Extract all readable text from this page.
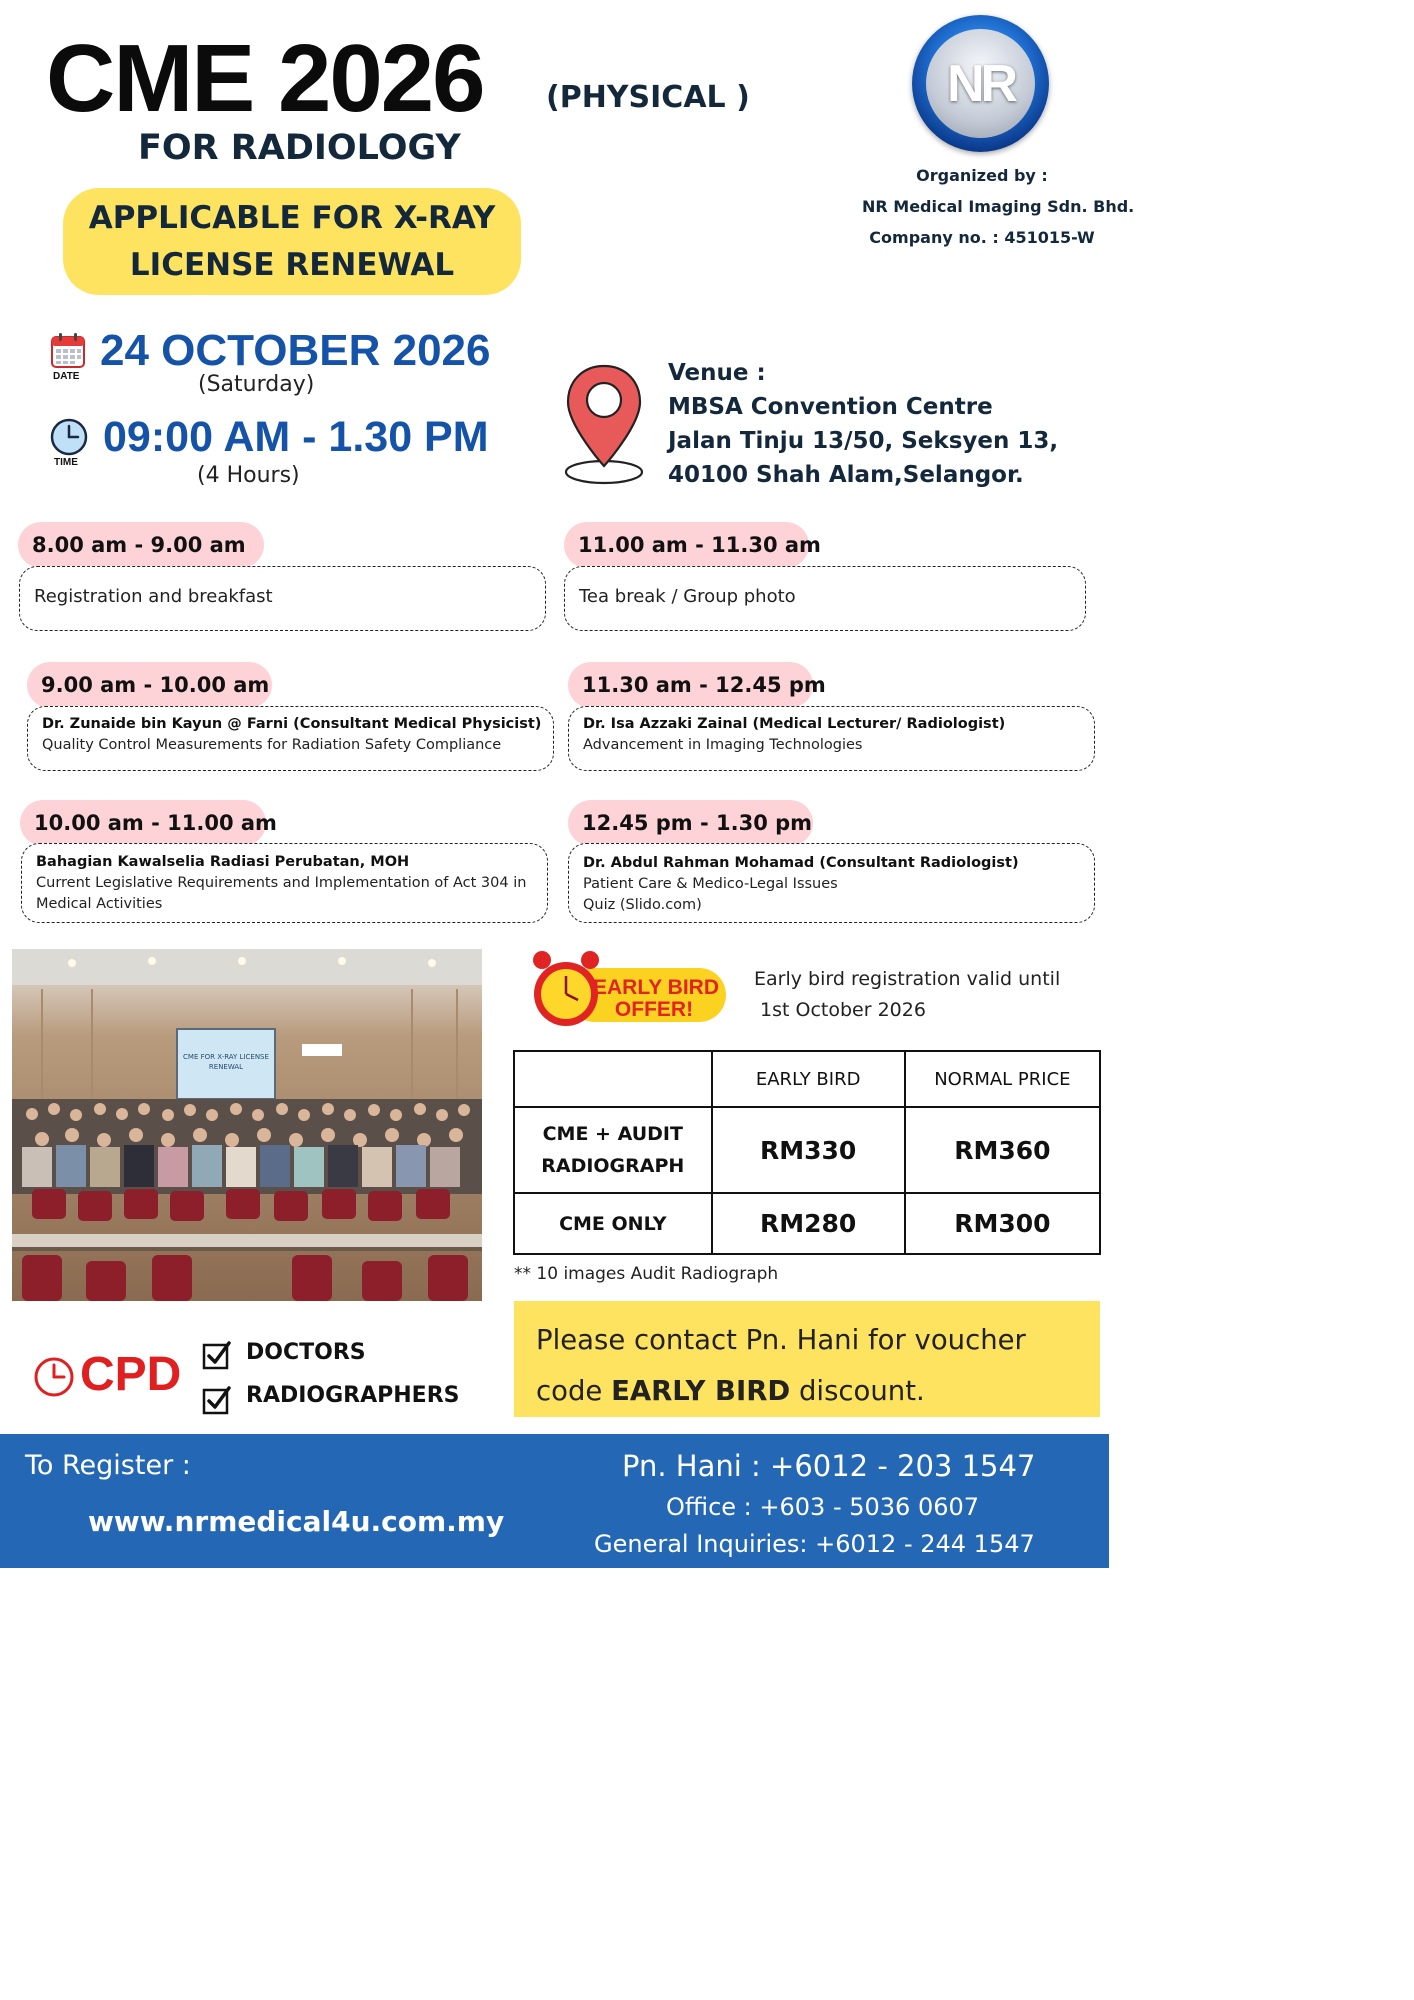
CME 2026 (PHYSICAL )
FOR RADIOLOGY
APPLICABLE FOR X-RAY LICENSE RENEWAL
NR
Organized by :
NR Medical Imaging Sdn. Bhd.
Company no. : 451015-W
DATE
24 OCTOBER 2026
(Saturday)
TIME
09:00 AM - 1.30 PM
(4 Hours)
Venue :
MBSA Convention Centre
Jalan Tinju 13/50, Seksyen 13,
40100 Shah Alam,Selangor.
8.00 am - 9.00 am
Registration and breakfast
9.00 am - 10.00 am
Dr. Zunaide bin Kayun @ Farni (Consultant Medical Physicist)
Quality Control Measurements for Radiation Safety Compliance
10.00 am - 11.00 am
Bahagian Kawalselia Radiasi Perubatan, MOH
Current Legislative Requirements and Implementation of Act 304 in Medical Activities
11.00 am - 11.30 am
Tea break / Group photo
11.30 am - 12.45 pm
Dr. Isa Azzaki Zainal (Medical Lecturer/ Radiologist)
Advancement in Imaging Technologies
12.45 pm - 1.30 pm
Dr. Abdul Rahman Mohamad (Consultant Radiologist)
Patient Care & Medico-Legal Issues
Quiz (Slido.com)
CME FOR X-RAY LICENSE
RENEWAL
EARLY BIRD
OFFER!
Early bird registration valid until
1st October 2026
	EARLY BIRD	NORMAL PRICE

CME + AUDIT
RADIOGRAPH	RM330	RM360
CME ONLY	RM280	RM300
** 10 images Audit Radiograph

Please contact Pn. Hani for voucher code EARLY BIRD discount.

CPD	DOCTORS
RADIOGRAPHERS
To Register :
www.nrmedical4u.com.my
Pn. Hani : +6012 - 203 1547
Office : +603 - 5036 0607
General Inquiries: +6012 - 244 1547
